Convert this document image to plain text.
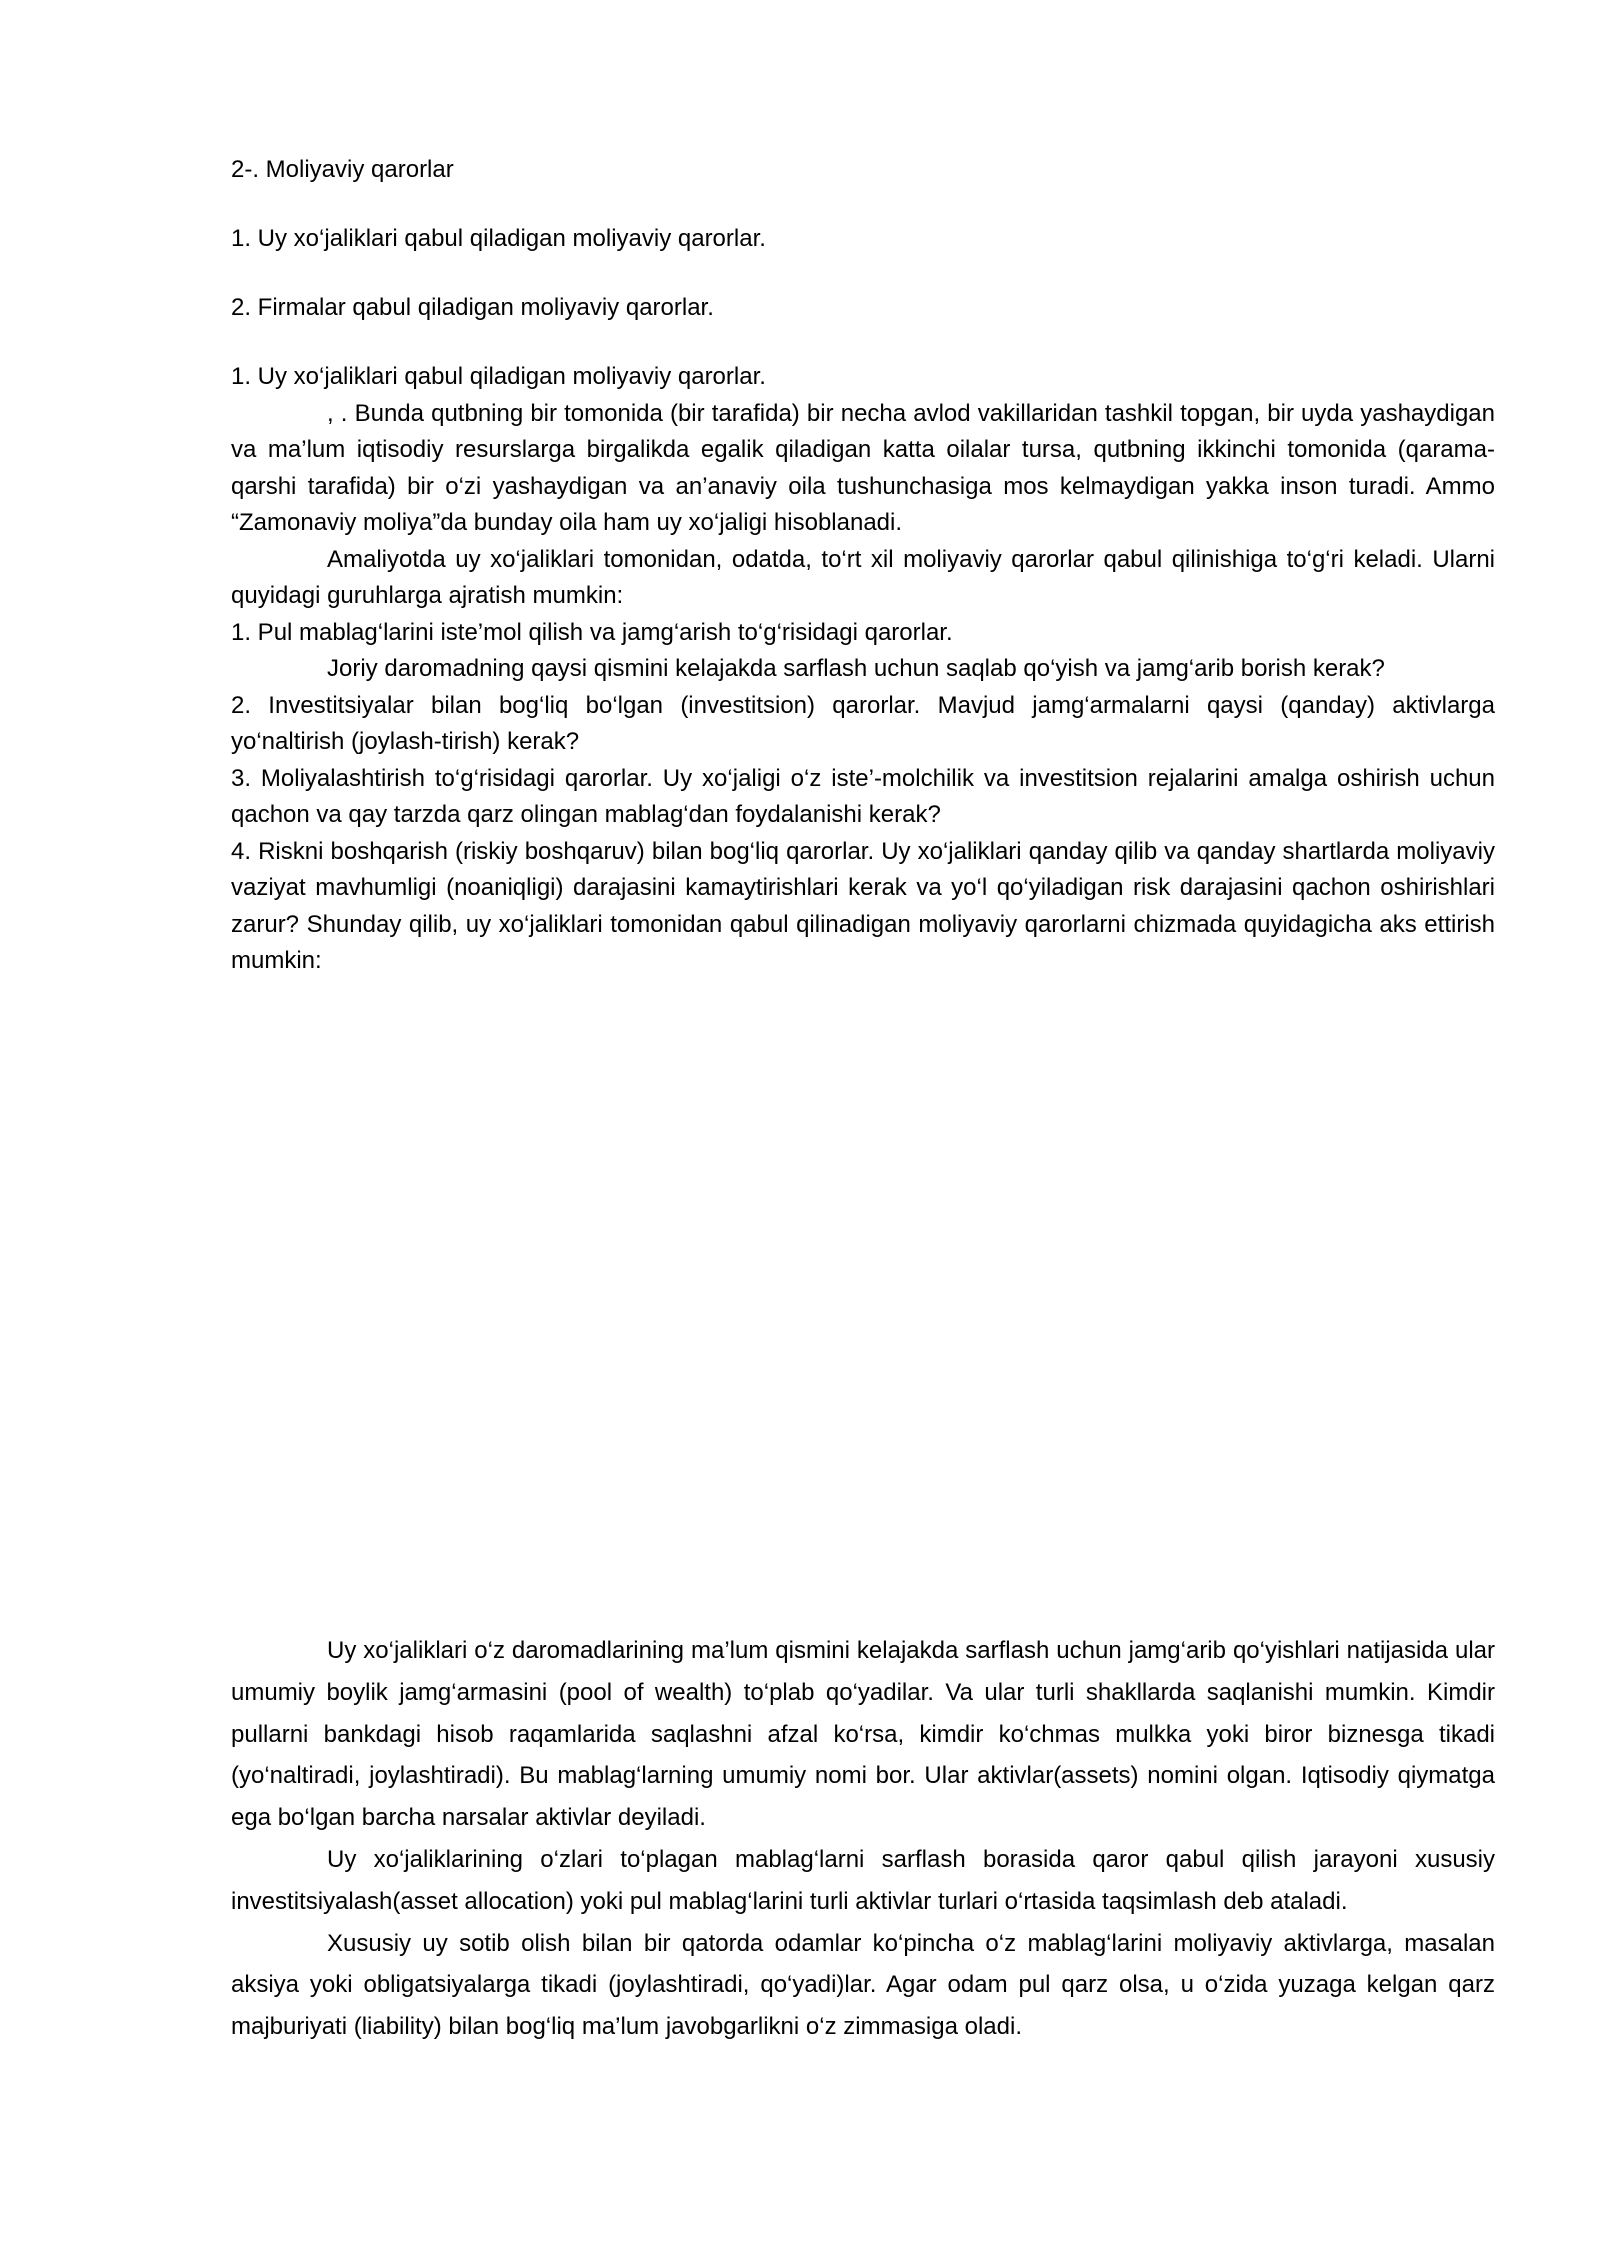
2-. Moliyaviy qarorlar

1. Uy xo‘jaliklari qabul qiladigan moliyaviy qarorlar.

2. Firmalar qabul qiladigan moliyaviy qarorlar.

1. Uy xo‘jaliklari qabul qiladigan moliyaviy qarorlar.

, . Bunda qutbning bir tomonida (bir tarafida) bir necha avlod vakillaridan tashkil topgan, bir uyda yashaydigan va ma’lum iqtisodiy resurslarga birgalikda egalik qiladigan katta oilalar tursa, qutbning ikkinchi tomonida (qarama-qarshi tarafida) bir o‘zi yashaydigan va an’anaviy oila tushunchasiga mos kelmaydigan yakka inson turadi. Ammo “Zamonaviy moliya”da bunday oila ham uy xo‘jaligi hisoblanadi.

Amaliyotda uy xo‘jaliklari tomonidan, odatda, to‘rt xil moliyaviy qarorlar qabul qilinishiga to‘g‘ri keladi. Ularni quyidagi guruhlarga ajratish mumkin:

1. Pul mablag‘larini iste’mol qilish va jamg‘arish to‘g‘risidagi qarorlar.

Joriy daromadning qaysi qismini kelajakda sarflash uchun saqlab qo‘yish va jamg‘arib borish kerak?

2. Investitsiyalar bilan bog‘liq bo‘lgan (investitsion) qarorlar. Mavjud jamg‘armalarni qaysi (qanday) aktivlarga yo‘naltirish (joylash-tirish) kerak?

3. Moliyalashtirish to‘g‘risidagi qarorlar. Uy xo‘jaligi o‘z iste’-molchilik va investitsion rejalarini amalga oshirish uchun qachon va qay tarzda qarz olingan mablag‘dan foydalanishi kerak?

4. Riskni boshqarish (riskiy boshqaruv) bilan bog‘liq qarorlar. Uy xo‘jaliklari qanday qilib va qanday shartlarda moliyaviy vaziyat mavhumligi (noaniqligi) darajasini kamaytirishlari kerak va yo‘l qo‘yiladigan risk darajasini qachon oshirishlari zarur? Shunday qilib, uy xo‘jaliklari tomonidan qabul qilinadigan moliyaviy qarorlarni chizmada quyidagicha aks ettirish mumkin:

Uy xo‘jaliklari o‘z daromadlarining ma’lum qismini kelajakda sarflash uchun jamg‘arib qo‘yishlari natijasida ular umumiy boylik jamg‘armasini (pool of wealth) to‘plab qo‘yadilar. Va ular turli shakllarda saqlanishi mumkin. Kimdir pullarni bankdagi hisob raqamlarida saqlashni afzal ko‘rsa, kimdir ko‘chmas mulkka yoki biror biznesga tikadi (yo‘naltiradi, joylashtiradi). Bu mablag‘larning umumiy nomi bor. Ular aktivlar(assets) nomini olgan. Iqtisodiy qiymatga ega bo‘lgan barcha narsalar aktivlar deyiladi.

Uy xo‘jaliklarining o‘zlari to‘plagan mablag‘larni sarflash borasida qaror qabul qilish jarayoni xususiy investitsiyalash(asset allocation) yoki pul mablag‘larini turli aktivlar turlari o‘rtasida taqsimlash deb ataladi.

Xususiy uy sotib olish bilan bir qatorda odamlar ko‘pincha o‘z mablag‘larini moliyaviy aktivlarga, masalan aksiya yoki obligatsiyalarga tikadi (joylashtiradi, qo‘yadi)lar. Agar odam pul qarz olsa, u o‘zida yuzaga kelgan qarz majburiyati (liability) bilan bog‘liq ma’lum javobgarlikni o‘z zimmasiga oladi.
